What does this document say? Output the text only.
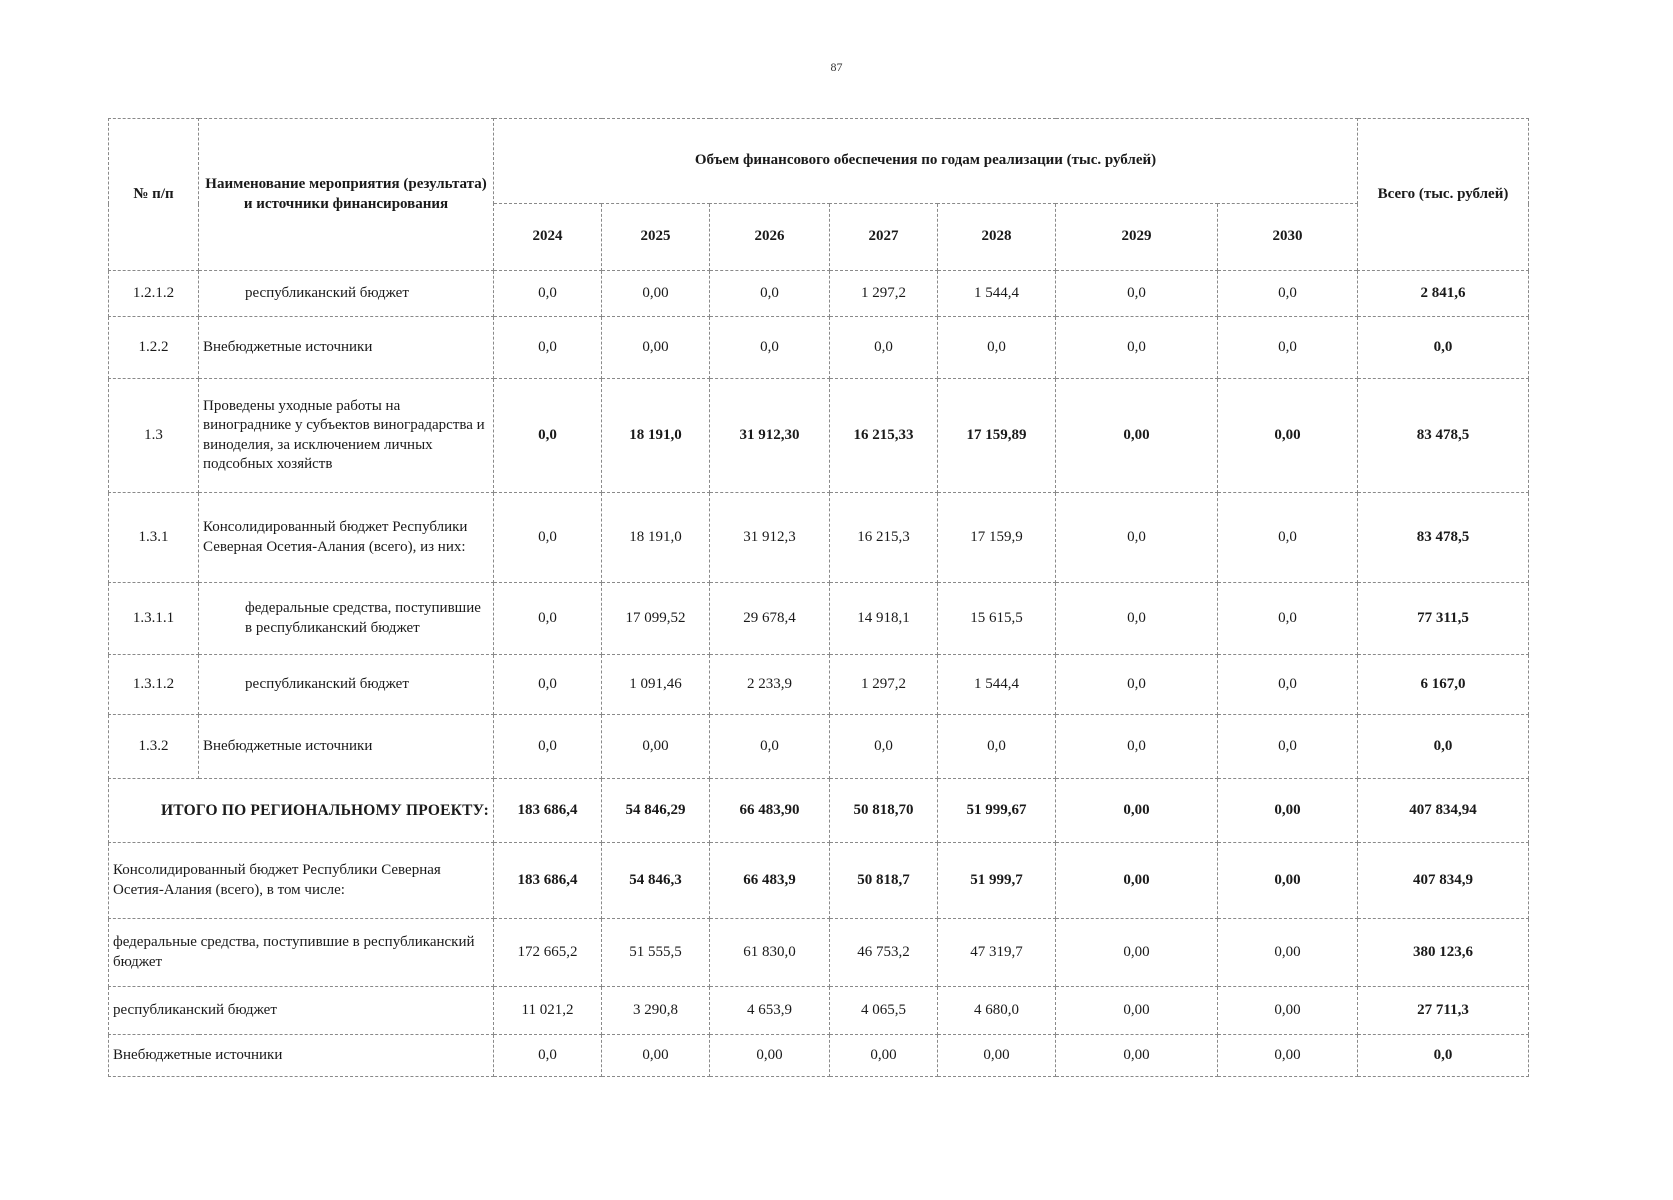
87
№ п/п	Наименование мероприятия (результата) и источники финансирования	Объем финансового обеспечения по годам реализации (тыс. рублей)							Всего (тыс. рублей)
		2024	2025	2026	2027	2028	2029	2030	
1.2.1.2	республиканский бюджет	0,0	0,00	0,0	1 297,2	1 544,4	0,0	0,0	2 841,6
1.2.2	Внебюджетные источники	0,0	0,00	0,0	0,0	0,0	0,0	0,0	0,0
1.3	Проведены уходные работы на винограднике у субъектов виноградарства и виноделия, за исключением личных подсобных хозяйств	0,0	18 191,0	31 912,30	16 215,33	17 159,89	0,00	0,00	83 478,5
1.3.1	Консолидированный бюджет Республики Северная Осетия-Алания (всего), из них:	0,0	18 191,0	31 912,3	16 215,3	17 159,9	0,0	0,0	83 478,5
1.3.1.1	федеральные средства, поступившие в республиканский бюджет	0,0	17 099,52	29 678,4	14 918,1	15 615,5	0,0	0,0	77 311,5
1.3.1.2	республиканский бюджет	0,0	1 091,46	2 233,9	1 297,2	1 544,4	0,0	0,0	6 167,0
1.3.2	Внебюджетные источники	0,0	0,00	0,0	0,0	0,0	0,0	0,0	0,0
ИТОГО ПО РЕГИОНАЛЬНОМУ ПРОЕКТУ:		183 686,4	54 846,29	66 483,90	50 818,70	51 999,67	0,00	0,00	407 834,94
Консолидированный бюджет Республики Северная Осетия-Алания (всего), в том числе:		183 686,4	54 846,3	66 483,9	50 818,7	51 999,7	0,00	0,00	407 834,9
федеральные средства, поступившие в республиканский бюджет		172 665,2	51 555,5	61 830,0	46 753,2	47 319,7	0,00	0,00	380 123,6
республиканский бюджет		11 021,2	3 290,8	4 653,9	4 065,5	4 680,0	0,00	0,00	27 711,3
Внебюджетные источники		0,0	0,00	0,00	0,00	0,00	0,00	0,00	0,0
